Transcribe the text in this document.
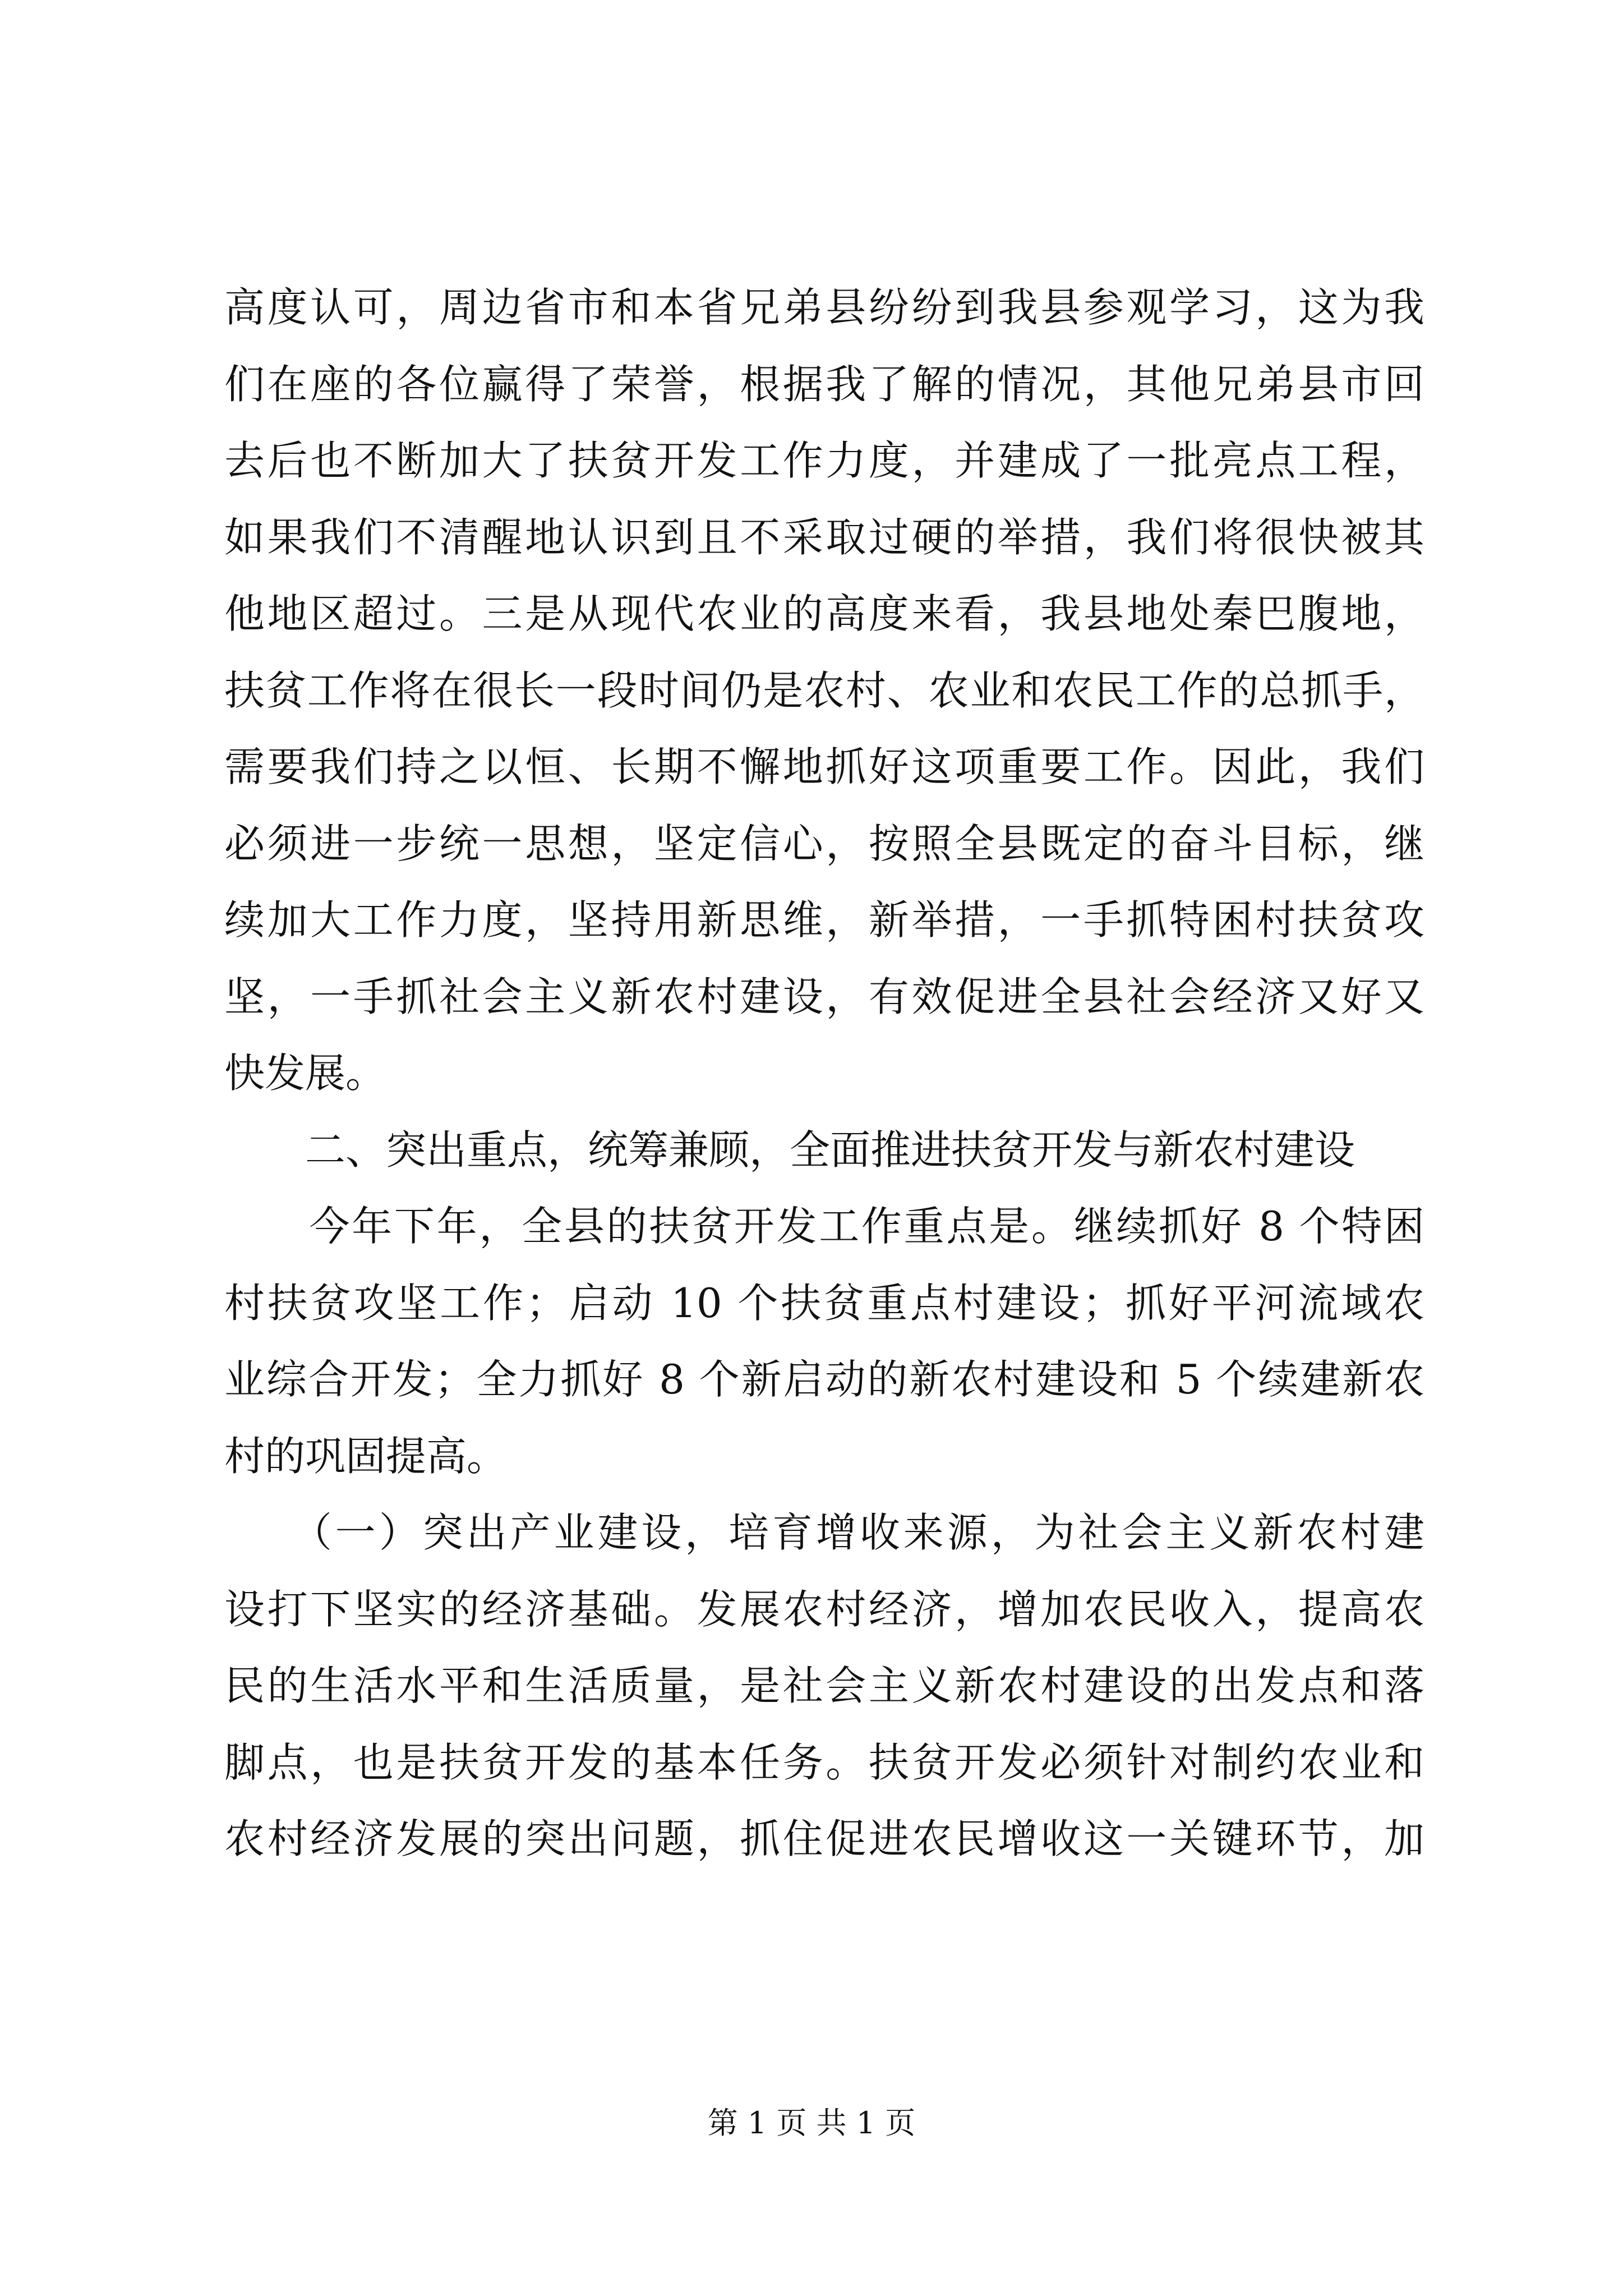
高度认可，周边省市和本省兄弟县纷纷到我县参观学习，这为我
们在座的各位赢得了荣誉，根据我了解的情况，其他兄弟县市回
去后也不断加大了扶贫开发工作力度，并建成了一批亮点工程，
如果我们不清醒地认识到且不采取过硬的举措，我们将很快被其
他地区超过。三是从现代农业的高度来看，我县地处秦巴腹地，
扶贫工作将在很长一段时间仍是农村、农业和农民工作的总抓手，
需要我们持之以恒、长期不懈地抓好这项重要工作。因此，我们
必须进一步统一思想，坚定信心，按照全县既定的奋斗目标，继
续加大工作力度，坚持用新思维，新举措，一手抓特困村扶贫攻
坚，一手抓社会主义新农村建设，有效促进全县社会经济又好又
快发展。
　　二、突出重点，统筹兼顾，全面推进扶贫开发与新农村建设
　　今年下年，全县的扶贫开发工作重点是。继续抓好 8 个特困
村扶贫攻坚工作；启动 10 个扶贫重点村建设；抓好平河流域农
业综合开发；全力抓好 8 个新启动的新农村建设和 5 个续建新农
村的巩固提高。
　　（一）突出产业建设，培育增收来源，为社会主义新农村建
设打下坚实的经济基础。发展农村经济，增加农民收入，提高农
民的生活水平和生活质量，是社会主义新农村建设的出发点和落
脚点，也是扶贫开发的基本任务。扶贫开发必须针对制约农业和
农村经济发展的突出问题，抓住促进农民增收这一关键环节，加
第 1 页 共 1 页
